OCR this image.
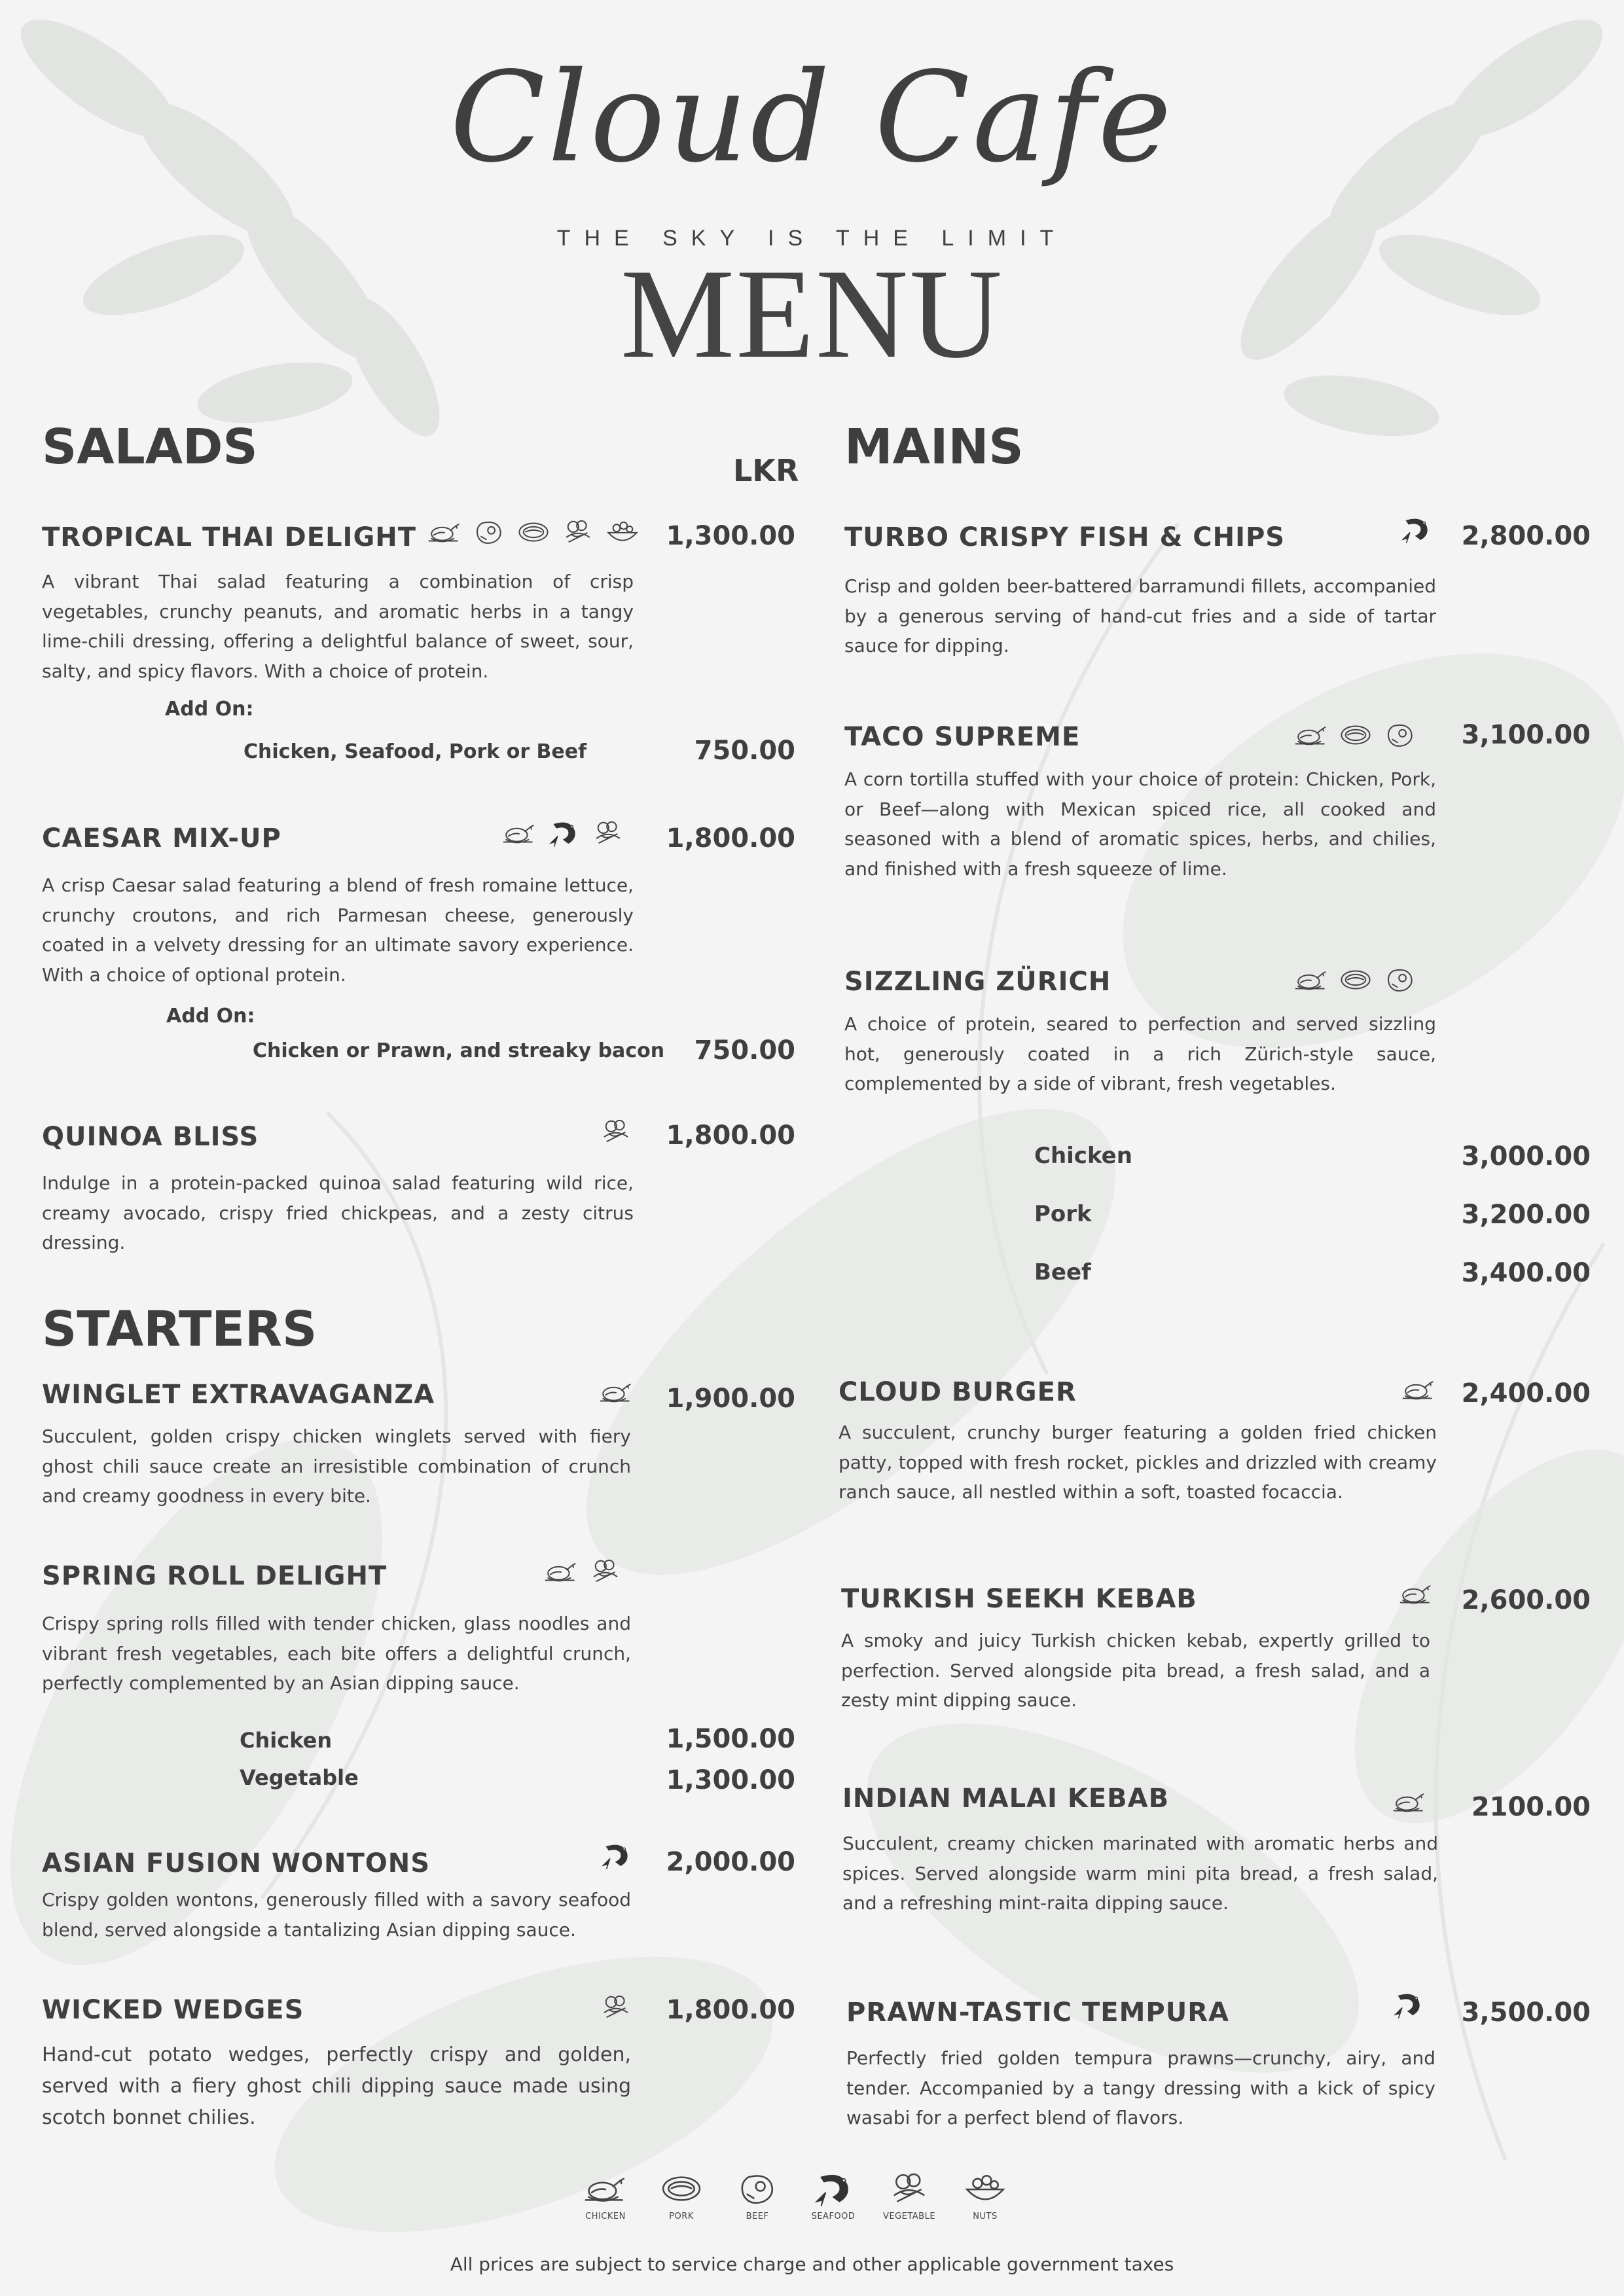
Cloud Cafe
THE SKY IS THE LIMIT
MENU
SALADS	LKR
TROPICAL THAI DELIGHT	1,300.00
A vibrant Thai salad featuring a combination of crisp vegetables, crunchy peanuts, and aromatic herbs in a tangy lime-chili dressing, offering a delightful balance of sweet, sour, salty, and spicy flavors. With a choice of protein.
Add On:
Chicken, Seafood, Pork or Beef	750.00
CAESAR MIX-UP	1,800.00
A crisp Caesar salad featuring a blend of fresh romaine lettuce, crunchy croutons, and rich Parmesan cheese, generously coated in a velvety dressing for an ultimate savory experience. With a choice of optional protein.
Add On:
Chicken or Prawn, and streaky bacon	750.00
QUINOA BLISS	1,800.00
Indulge in a protein-packed quinoa salad featuring wild rice, creamy avocado, crispy fried chickpeas, and a zesty citrus dressing.
MAINS
TURBO CRISPY FISH & CHIPS	2,800.00
Crisp and golden beer-battered barramundi fillets, accompanied by a generous serving of hand-cut fries and a side of tartar sauce for dipping.
TACO SUPREME	3,100.00
A corn tortilla stuffed with your choice of protein: Chicken, Pork, or Beef—along with Mexican spiced rice, all cooked and seasoned with a blend of aromatic spices, herbs, and chilies, and finished with a fresh squeeze of lime.
SIZZLING ZÜRICH
A choice of protein, seared to perfection and served sizzling hot, generously coated in a rich Zürich-style sauce, complemented by a side of vibrant, fresh vegetables.
Chicken	3,000.00
Pork	3,200.00
Beef	3,400.00
STARTERS
WINGLET EXTRAVAGANZA	1,900.00
Succulent, golden crispy chicken winglets served with fiery ghost chili sauce create an irresistible combination of crunch and creamy goodness in every bite.
SPRING ROLL DELIGHT
Crispy spring rolls filled with tender chicken, glass noodles and vibrant fresh vegetables, each bite offers a delightful crunch, perfectly complemented by an Asian dipping sauce.
Chicken	1,500.00
Vegetable	1,300.00
ASIAN FUSION WONTONS	2,000.00
Crispy golden wontons, generously filled with a savory seafood blend, served alongside a tantalizing Asian dipping sauce.
WICKED WEDGES	1,800.00
Hand-cut potato wedges, perfectly crispy and golden, served with a fiery ghost chili dipping sauce made using scotch bonnet chilies.
CLOUD BURGER	2,400.00
A succulent, crunchy burger featuring a golden fried chicken patty, topped with fresh rocket, pickles and drizzled with creamy ranch sauce, all nestled within a soft, toasted focaccia.
TURKISH SEEKH KEBAB	2,600.00
A smoky and juicy Turkish chicken kebab, expertly grilled to perfection. Served alongside pita bread, a fresh salad, and a zesty mint dipping sauce.
INDIAN MALAI KEBAB	2100.00
Succulent, creamy chicken marinated with aromatic herbs and spices. Served alongside warm mini pita bread, a fresh salad, and a refreshing mint-raita dipping sauce.
PRAWN-TASTIC TEMPURA	3,500.00
Perfectly fried golden tempura prawns—crunchy, airy, and tender. Accompanied by a tangy dressing with a kick of spicy wasabi for a perfect blend of flavors.
CHICKEN	PORK	BEEF	SEAFOOD	VEGETABLE	NUTS
All prices are subject to service charge and other applicable government taxes
